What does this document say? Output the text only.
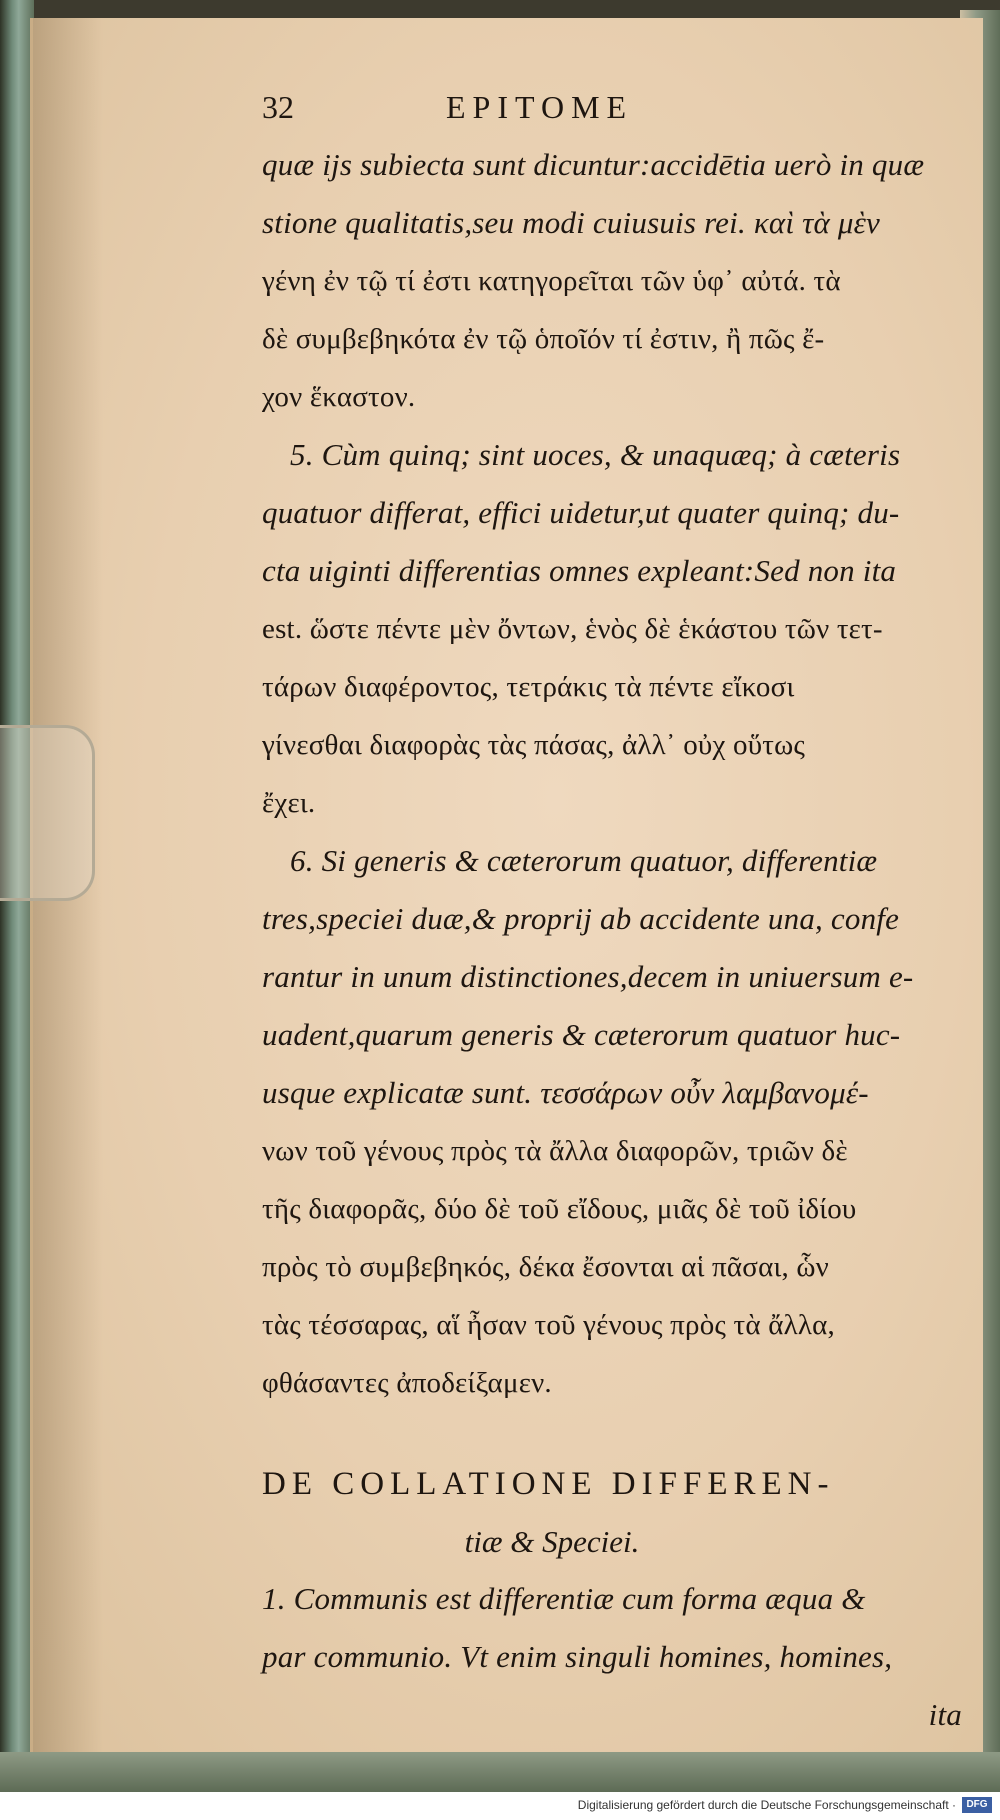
32	EPITOME
quæ ijs subiecta sunt dicuntur:accidētia uerò in quæ
stione qualitatis,seu modi cuiusuis rei. καὶ τὰ μὲν
γένη ἐν τῷ τί ἐστι κατηγορεῖται τῶν ὑφ᾽ αὐτά. τὰ
δὲ συμβεβηκότα ἐν τῷ ὁποῖόν τί ἐστιν, ἢ πῶς ἔ-
χον ἕκαστον.
5. Cùm quinq; sint uoces, & unaquæq; à cæteris
quatuor differat, effici uidetur,ut quater quinq; du-
cta uiginti differentias omnes expleant:Sed non ita
est. ὥστε πέντε μὲν ὄντων, ἑνὸς δὲ ἑκάστου τῶν τετ-
τάρων διαφέροντος, τετράκις τὰ πέντε εἴκοσι
γίνεσθαι διαφορὰς τὰς πάσας, ἀλλ᾽ οὐχ οὕτως
ἔχει.
6. Si generis & cæterorum quatuor, differentiæ
tres,speciei duæ,& proprij ab accidente una, confe
rantur in unum distinctiones,decem in uniuersum e-
uadent,quarum generis & cæterorum quatuor huc-
usque explicatæ sunt. τεσσάρων οὖν λαμβανομέ-
νων τοῦ γένους πρὸς τὰ ἄλλα διαφορῶν, τριῶν δὲ
τῆς διαφορᾶς, δύο δὲ τοῦ εἴδους, μιᾶς δὲ τοῦ ἰδίου
πρὸς τὸ συμβεβηκός, δέκα ἔσονται αἱ πᾶσαι, ὧν
τὰς τέσσαρας, αἵ ἦσαν τοῦ γένους πρὸς τὰ ἄλλα,
φθάσαντες ἀποδείξαμεν.
DE COLLATIONE DIFFEREN-
tiæ & Speciei.
1. Communis est differentiæ cum forma æqua &
par communio. Vt enim singuli homines, homines,
ita
Digitalisierung gefördert durch die Deutsche Forschungsgemeinschaft ·	DFG
